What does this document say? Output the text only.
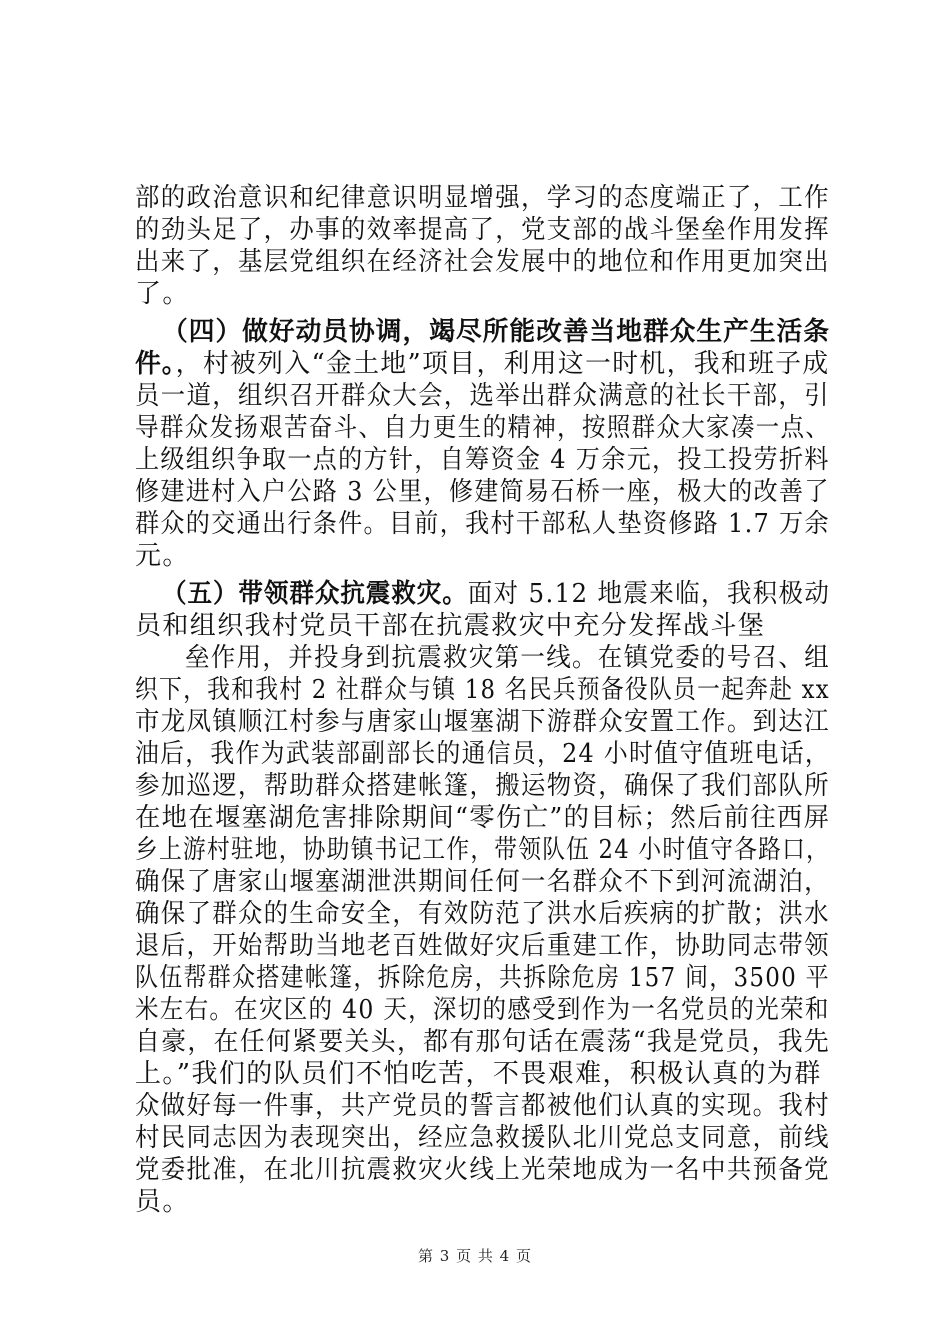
部的政治意识和纪律意识明显增强，学习的态度端正了，工作
的劲头足了，办事的效率提高了，党支部的战斗堡垒作用发挥
出来了，基层党组织在经济社会发展中的地位和作用更加突出
了。
（四）做好动员协调，竭尽所能改善当地群众生产生活条
件。，村被列入“金土地”项目，利用这一时机，我和班子成
员一道，组织召开群众大会，选举出群众满意的社长干部，引
导群众发扬艰苦奋斗、自力更生的精神，按照群众大家凑一点、
上级组织争取一点的方针，自筹资金 4 万余元，投工投劳折料
修建进村入户公路 3 公里，修建简易石桥一座，极大的改善了
群众的交通出行条件。目前，我村干部私人垫资修路 1.7 万余
元。
（五）带领群众抗震救灾。面对 5.12 地震来临，我积极动
员和组织我村党员干部在抗震救灾中充分发挥战斗堡
垒作用，并投身到抗震救灾第一线。在镇党委的号召、组
织下，我和我村 2 社群众与镇 18 名民兵预备役队员一起奔赴 xx
市龙凤镇顺江村参与唐家山堰塞湖下游群众安置工作。到达江
油后，我作为武装部副部长的通信员，24 小时值守值班电话，
参加巡逻，帮助群众搭建帐篷，搬运物资，确保了我们部队所
在地在堰塞湖危害排除期间“零伤亡”的目标；然后前往西屏
乡上游村驻地，协助镇书记工作，带领队伍 24 小时值守各路口，
确保了唐家山堰塞湖泄洪期间任何一名群众不下到河流湖泊，
确保了群众的生命安全，有效防范了洪水后疾病的扩散；洪水
退后，开始帮助当地老百姓做好灾后重建工作，协助同志带领
队伍帮群众搭建帐篷，拆除危房，共拆除危房 157 间，3500 平
米左右。在灾区的 40 天，深切的感受到作为一名党员的光荣和
自豪，在任何紧要关头，都有那句话在震荡“我是党员，我先
上。”我们的队员们不怕吃苦，不畏艰难，积极认真的为群
众做好每一件事，共产党员的誓言都被他们认真的实现。我村
村民同志因为表现突出，经应急救援队北川党总支同意，前线
党委批准，在北川抗震救灾火线上光荣地成为一名中共预备党
员。
第 3 页 共 4 页
